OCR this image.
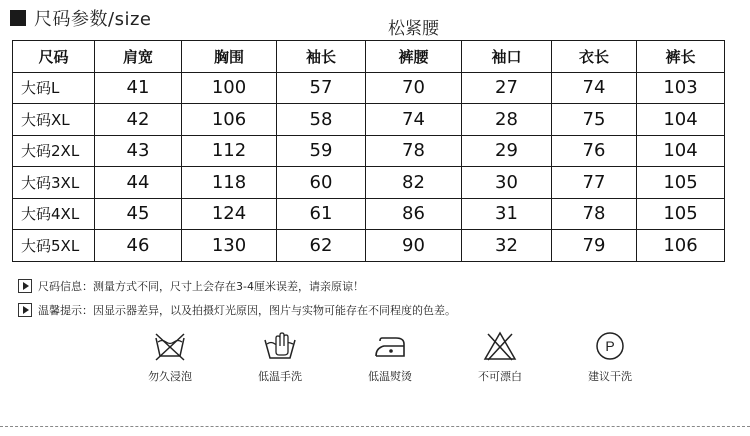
尺码参数/size	松紧腰
尺码	肩宽	胸围	袖长	裤腰	袖口	衣长	裤长
大码L	41	100	57	70	27	74	103
大码XL	42	106	58	74	28	75	104
大码2XL	43	112	59	78	29	76	104
大码3XL	44	118	60	82	30	77	105
大码4XL	45	124	61	86	31	78	105
大码5XL	46	130	62	90	32	79	106
尺码信息：测量方式不同，尺寸上会存在3-4厘米误差，请亲原谅！
温馨提示：因显示器差异，以及拍摄灯光原因，图片与实物可能存在不同程度的色差。
勿久浸泡	低温手洗	低温熨烫	不可漂白
P
建议干洗
